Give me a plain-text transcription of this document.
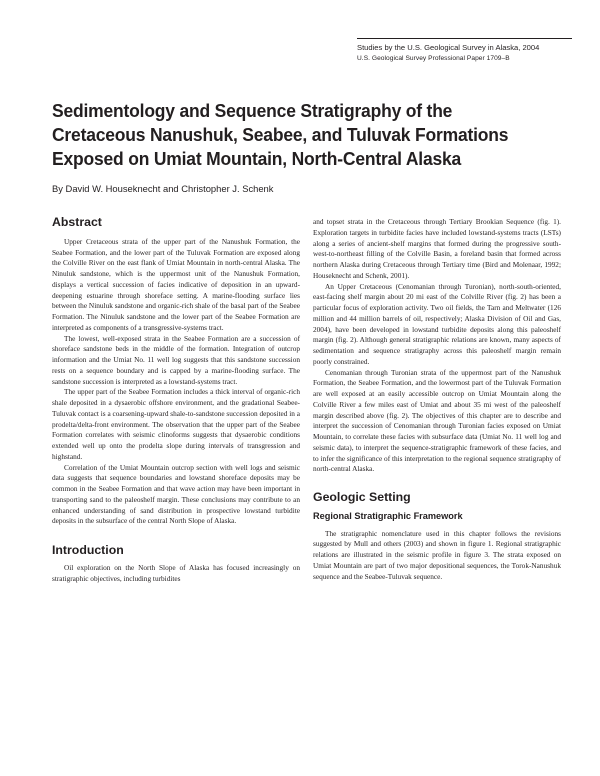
Studies by the U.S. Geological Survey in Alaska, 2004
U.S. Geological Survey Professional Paper 1709–B
Sedimentology and Sequence Stratigraphy of the
Cretaceous Nanushuk, Seabee, and Tuluvak Formations
Exposed on Umiat Mountain, North-Central Alaska
By David W. Houseknecht and Christopher J. Schenk
Abstract

Upper Cretaceous strata of the upper part of the Nanushuk Formation, the Seabee Formation, and the lower part of the Tuluvak Formation are exposed along the Colville River on the east flank of Umiat Mountain in north-central Alaska. The Ninuluk sandstone, which is the uppermost unit of the Nanushuk Formation, displays a vertical succession of facies indicative of deposition in an upward-deepening estuarine through shoreface setting. A marine-flooding surface lies between the Ninuluk sandstone and organic-rich shale of the basal part of the Seabee Formation. The Ninuluk sandstone and the lower part of the Seabee Formation are interpreted as components of a transgressive-systems tract.

The lowest, well-exposed strata in the Seabee Formation are a succession of shoreface sandstone beds in the middle of the formation. Integration of outcrop information and the Umiat No. 11 well log suggests that this sandstone succession rests on a sequence boundary and is capped by a marine-flooding surface. The sandstone succession is interpreted as a lowstand-systems tract.

The upper part of the Seabee Formation includes a thick interval of organic-rich shale deposited in a dysaerobic offshore environment, and the gradational Seabee-Tuluvak contact is a coarsening-upward shale-to-sandstone succession deposited in a prodelta/delta-front environment. The observation that the upper part of the Seabee Formation correlates with seismic clinoforms suggests that dysaerobic conditions extended well up onto the prodelta slope during intervals of transgression and highstand.

Correlation of the Umiat Mountain outcrop section with well logs and seismic data suggests that sequence boundaries and lowstand shoreface deposits may be common in the Seabee Formation and that wave action may have been important in transporting sand to the paleoshelf margin. These conclusions may contribute to an enhanced understanding of sand distribution in prospective lowstand turbidite deposits in the subsurface of the central North Slope of Alaska.

Introduction

Oil exploration on the North Slope of Alaska has focused increasingly on stratigraphic objectives, including turbidites

and topset strata in the Cretaceous through Tertiary Brookian Sequence (fig. 1). Exploration targets in turbidite facies have included lowstand-systems tracts (LSTs) along a series of ancient-shelf margins that formed during the progressive south-west-to-northeast filling of the Colville Basin, a foreland basin that formed across northern Alaska during Cretaceous through Tertiary time (Bird and Molenaar, 1992; Houseknecht and Schenk, 2001).

An Upper Cretaceous (Cenomanian through Turonian), north-south-oriented, east-facing shelf margin about 20 mi east of the Colville River (fig. 2) has been a particular focus of exploration activity. Two oil fields, the Tarn and Meltwater (126 million and 44 million barrels of oil, respectively; Alaska Division of Oil and Gas, 2004), have been developed in lowstand turbidite deposits along this paleoshelf margin (fig. 2). Although general stratigraphic relations are known, many aspects of sedimentation and sequence stratigraphy across this paleoshelf margin remain poorly constrained.

Cenomanian through Turonian strata of the uppermost part of the Nanushuk Formation, the Seabee Formation, and the lowermost part of the Tuluvak Formation are well exposed at an easily accessible outcrop on Umiat Mountain along the Colville River a few miles east of Umiat and about 35 mi west of the paleoshelf margin described above (fig. 2). The objectives of this chapter are to describe and interpret the succession of Cenomanian through Turonian facies exposed on Umiat Mountain, to correlate these facies with subsurface data (Umiat No. 11 well log and seismic data), to interpret the sequence-stratigraphic framework of these facies, and to infer the significance of this interpretation to the regional sequence stratigraphy of north-central Alaska.

Geologic Setting
Regional Stratigraphic Framework

The stratigraphic nomenclature used in this chapter follows the revisions suggested by Mull and others (2003) and shown in figure 1. Regional stratigraphic relations are illustrated in the seismic profile in figure 3. The strata exposed on Umiat Mountain are part of two major depositional sequences, the Torok-Nanushuk sequence and the Seabee-Tuluvak sequence.
